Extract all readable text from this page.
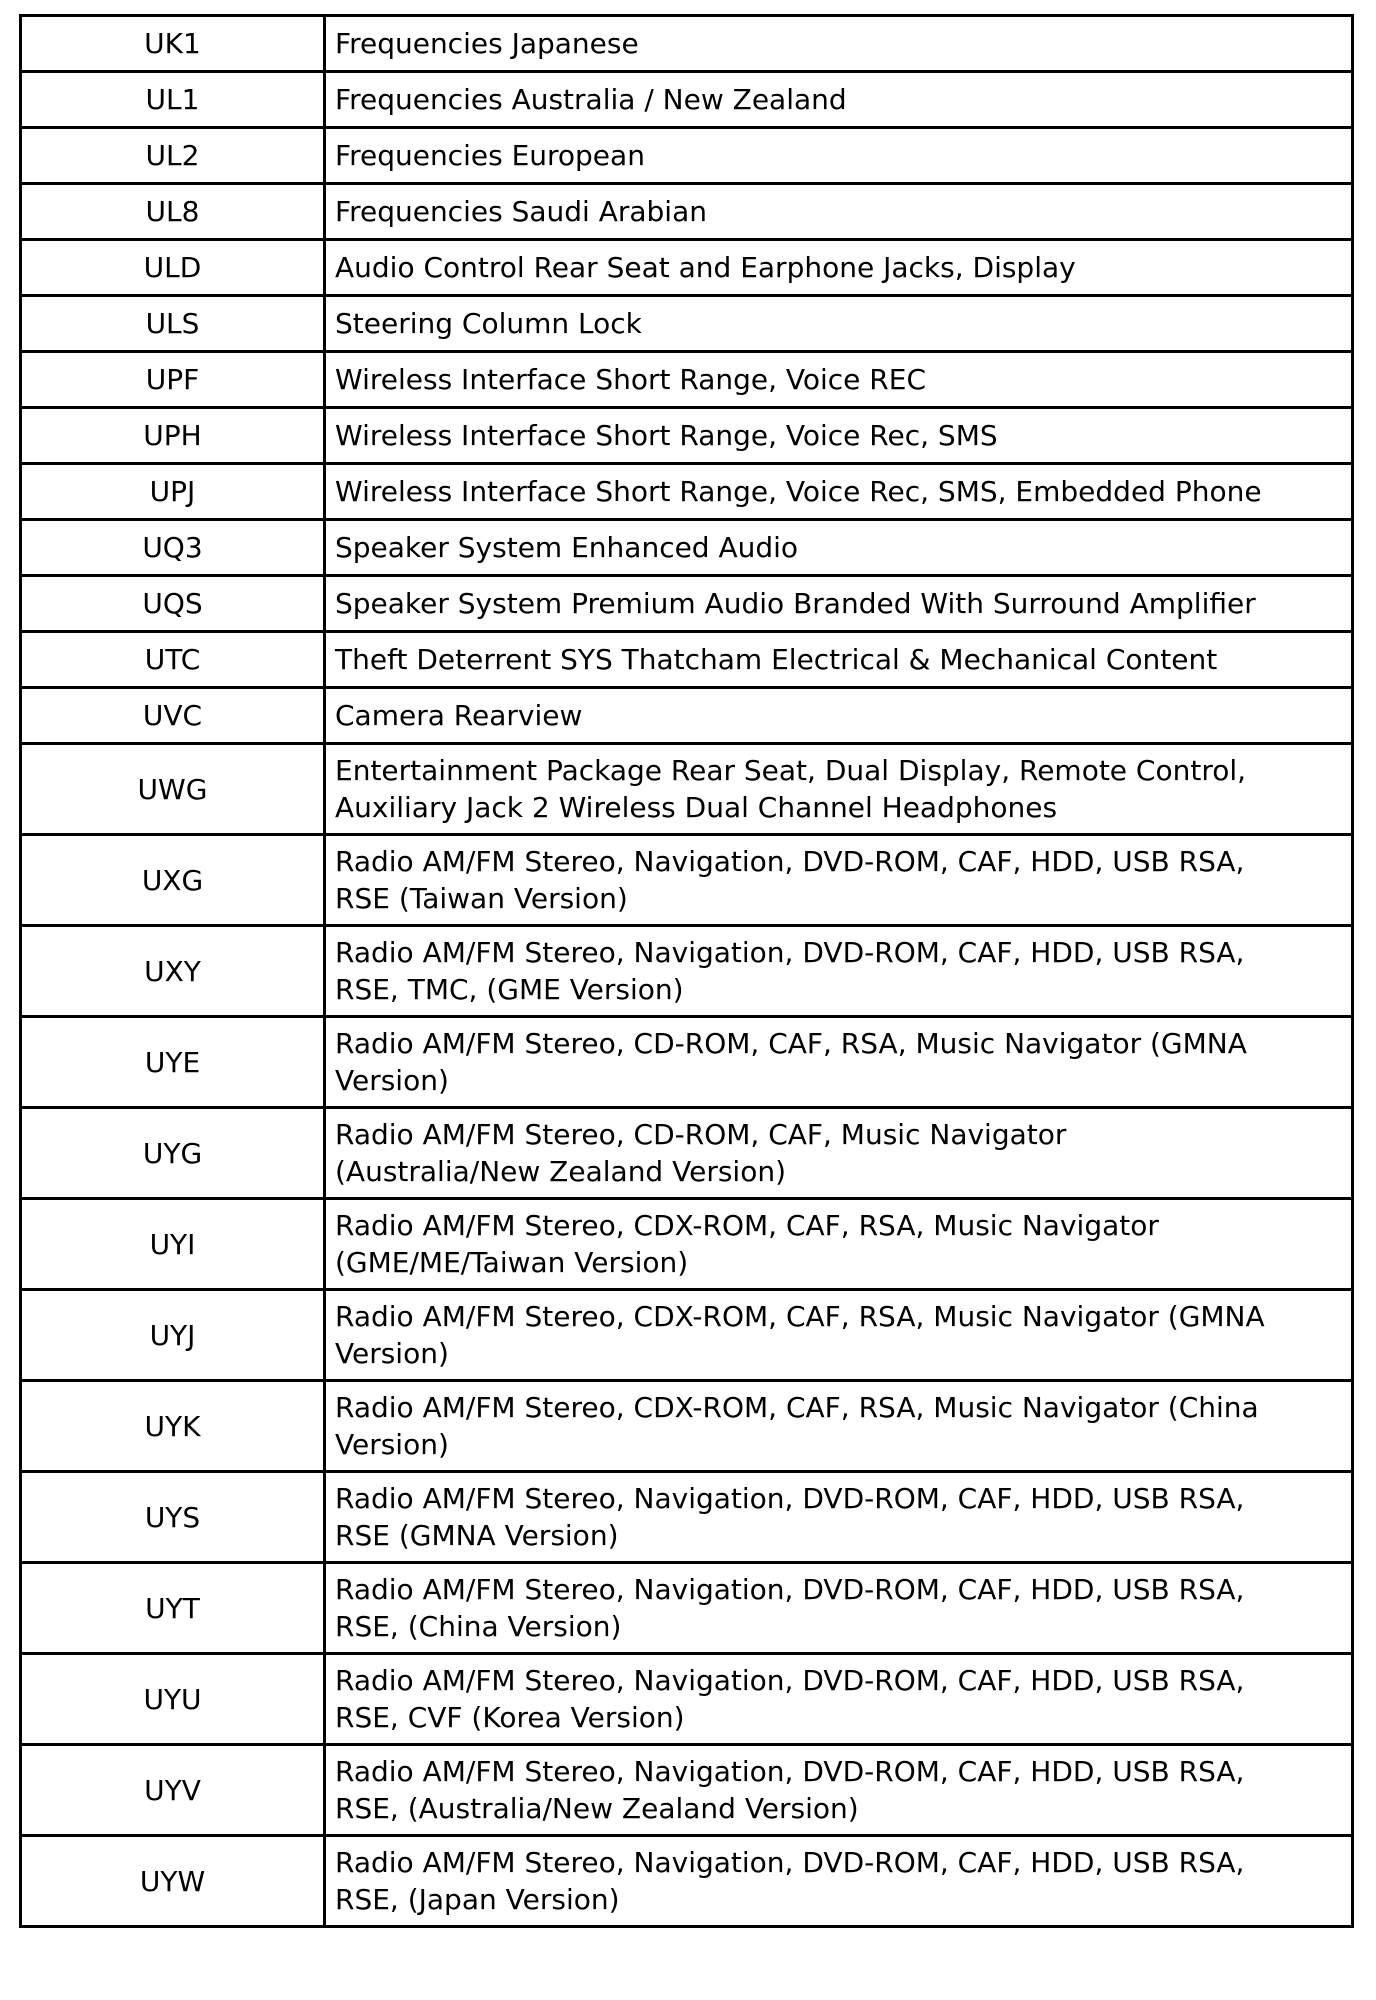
UK1	Frequencies Japanese

UL1	Frequencies Australia / New Zealand

UL2	Frequencies European

UL8	Frequencies Saudi Arabian

ULD	Audio Control Rear Seat and Earphone Jacks, Display

ULS	Steering Column Lock

UPF	Wireless Interface Short Range, Voice REC

UPH	Wireless Interface Short Range, Voice Rec, SMS

UPJ	Wireless Interface Short Range, Voice Rec, SMS, Embedded Phone

UQ3	Speaker System Enhanced Audio

UQS	Speaker System Premium Audio Branded With Surround Amplifier

UTC	Theft Deterrent SYS Thatcham Electrical & Mechanical Content

UVC	Camera Rearview

UWG	Entertainment Package Rear Seat, Dual Display, Remote Control,
Auxiliary Jack 2 Wireless Dual Channel Headphones

UXG	Radio AM/FM Stereo, Navigation, DVD-ROM, CAF, HDD, USB RSA,
RSE (Taiwan Version)

UXY	Radio AM/FM Stereo, Navigation, DVD-ROM, CAF, HDD, USB RSA,
RSE, TMC, (GME Version)

UYE	Radio AM/FM Stereo, CD-ROM, CAF, RSA, Music Navigator (GMNA
Version)

UYG	Radio AM/FM Stereo, CD-ROM, CAF, Music Navigator
(Australia/New Zealand Version)

UYI	Radio AM/FM Stereo, CDX-ROM, CAF, RSA, Music Navigator
(GME/ME/Taiwan Version)

UYJ	Radio AM/FM Stereo, CDX-ROM, CAF, RSA, Music Navigator (GMNA
Version)

UYK	Radio AM/FM Stereo, CDX-ROM, CAF, RSA, Music Navigator (China
Version)

UYS	Radio AM/FM Stereo, Navigation, DVD-ROM, CAF, HDD, USB RSA,
RSE (GMNA Version)

UYT	Radio AM/FM Stereo, Navigation, DVD-ROM, CAF, HDD, USB RSA,
RSE, (China Version)

UYU	Radio AM/FM Stereo, Navigation, DVD-ROM, CAF, HDD, USB RSA,
RSE, CVF (Korea Version)

UYV	Radio AM/FM Stereo, Navigation, DVD-ROM, CAF, HDD, USB RSA,
RSE, (Australia/New Zealand Version)

UYW	Radio AM/FM Stereo, Navigation, DVD-ROM, CAF, HDD, USB RSA,
RSE, (Japan Version)
